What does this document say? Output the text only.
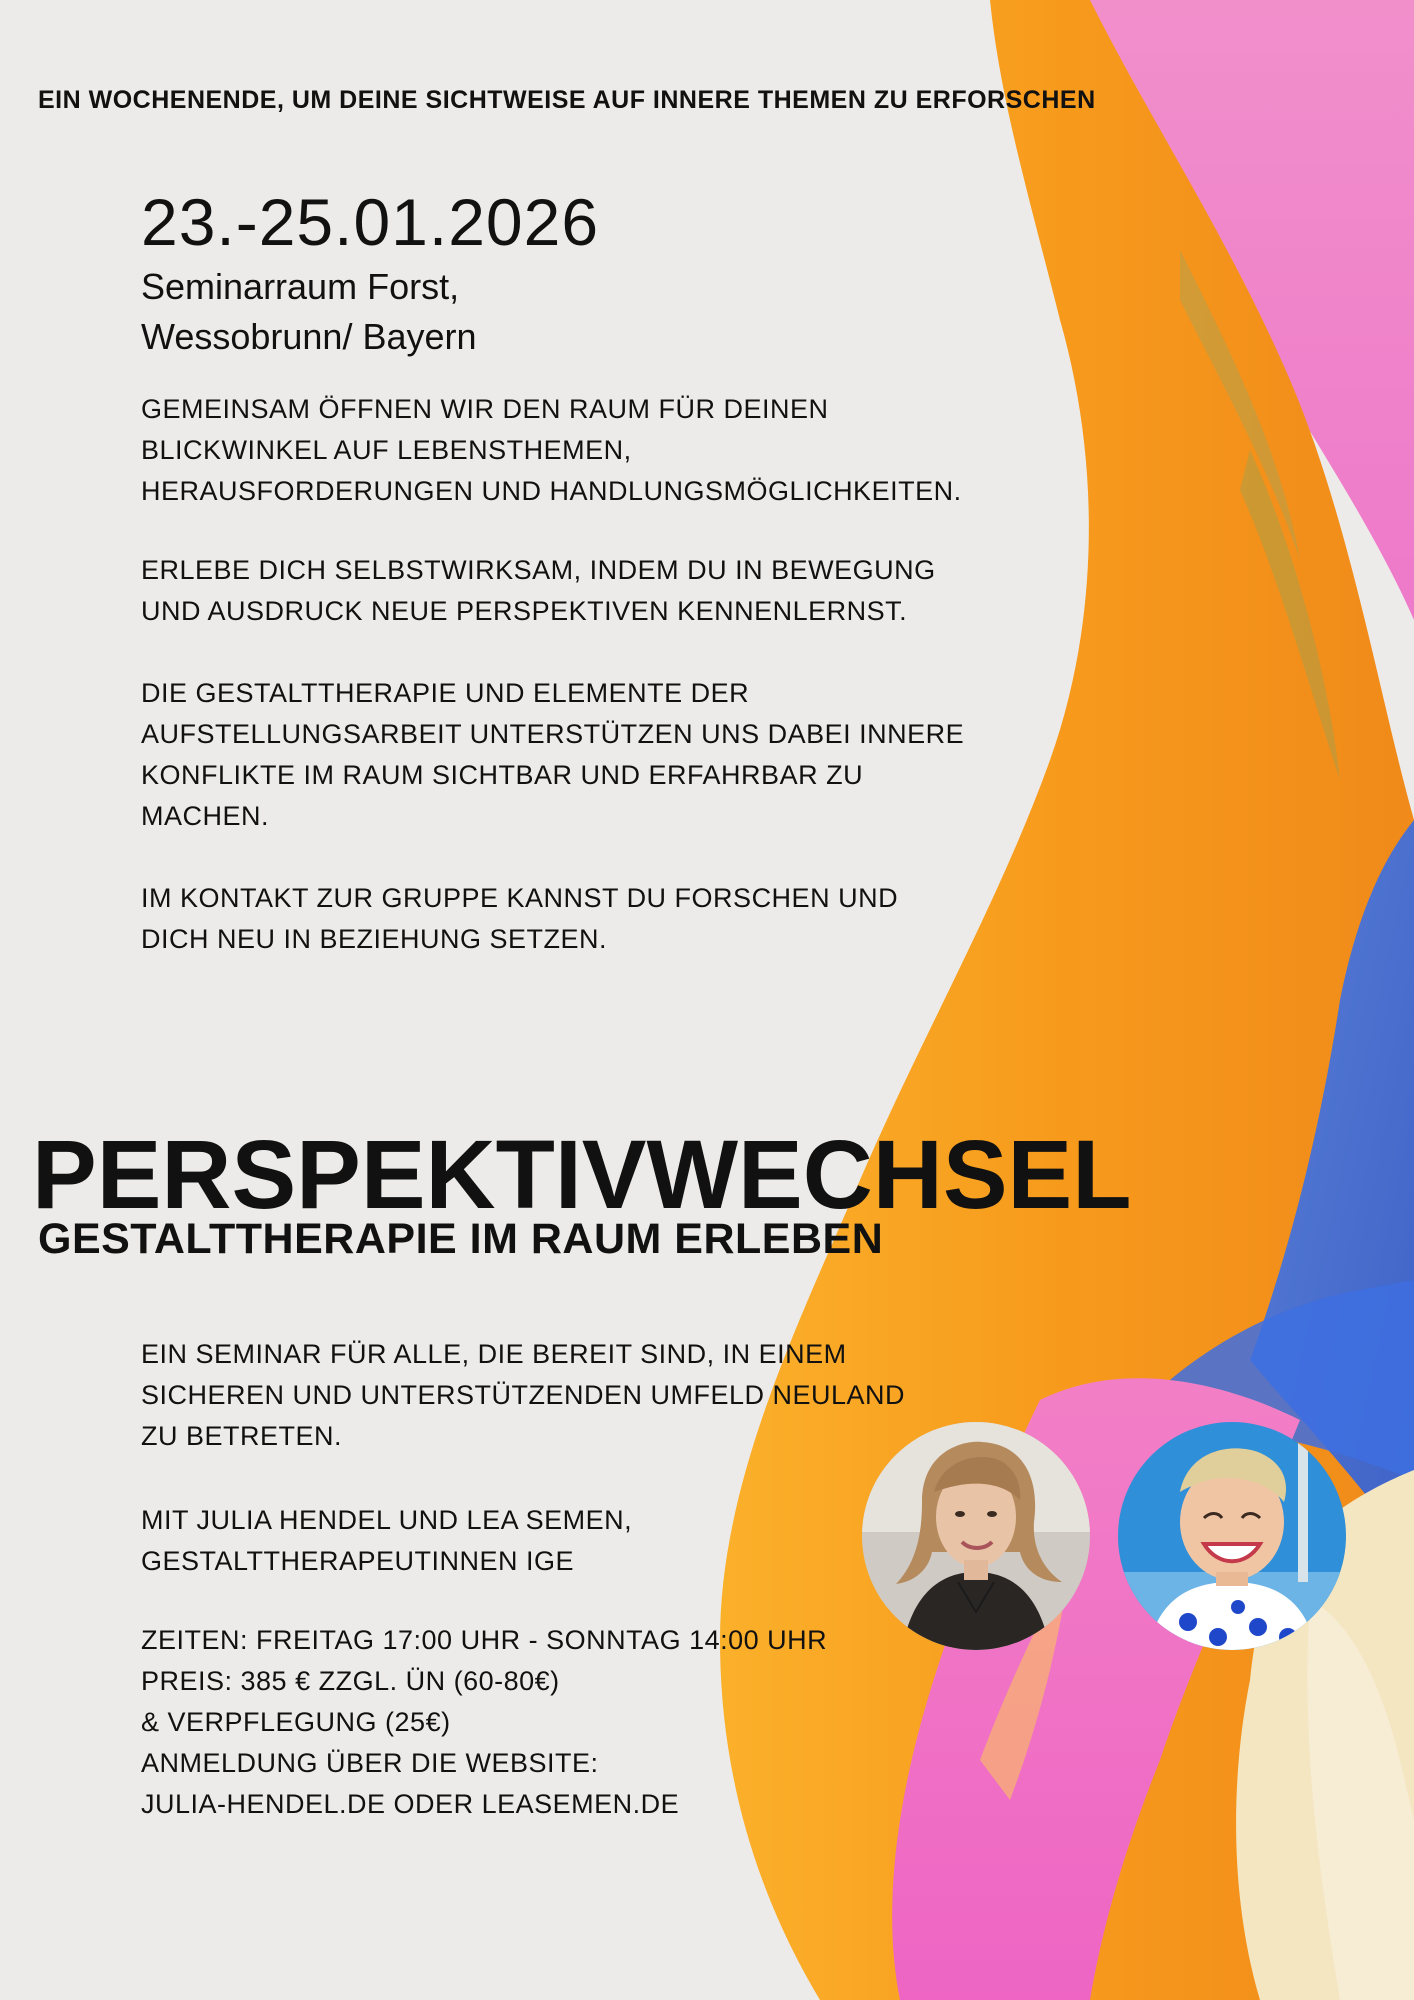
EIN WOCHENENDE, UM DEINE SICHTWEISE AUF INNERE THEMEN ZU ERFORSCHEN

23.-25.01.2026

Seminarraum Forst,

Wessobrunn/ Bayern

GEMEINSAM ÖFFNEN WIR DEN RAUM FÜR DEINEN
BLICKWINKEL AUF LEBENSTHEMEN,
HERAUSFORDERUNGEN UND HANDLUNGSMÖGLICHKEITEN.
ERLEBE DICH SELBSTWIRKSAM, INDEM DU IN BEWEGUNG
UND AUSDRUCK NEUE PERSPEKTIVEN KENNENLERNST.
DIE GESTALTTHERAPIE UND ELEMENTE DER
AUFSTELLUNGSARBEIT UNTERSTÜTZEN UNS DABEI INNERE
KONFLIKTE IM RAUM SICHTBAR UND ERFAHRBAR ZU
MACHEN.
IM KONTAKT ZUR GRUPPE KANNST DU FORSCHEN UND
DICH NEU IN BEZIEHUNG SETZEN.
PERSPEKTIVWECHSEL
GESTALTTHERAPIE IM RAUM ERLEBEN
EIN SEMINAR FÜR ALLE, DIE BEREIT SIND, IN EINEM
SICHEREN UND UNTERSTÜTZENDEN UMFELD NEULAND
ZU BETRETEN.
MIT JULIA HENDEL UND LEA SEMEN,
GESTALTTHERAPEUTINNEN IGE
ZEITEN: FREITAG 17:00 UHR - SONNTAG 14:00 UHR
PREIS: 385 € ZZGL. ÜN (60-80€)
& VERPFLEGUNG (25€)
ANMELDUNG ÜBER DIE WEBSITE:
JULIA-HENDEL.DE ODER LEASEMEN.DE
